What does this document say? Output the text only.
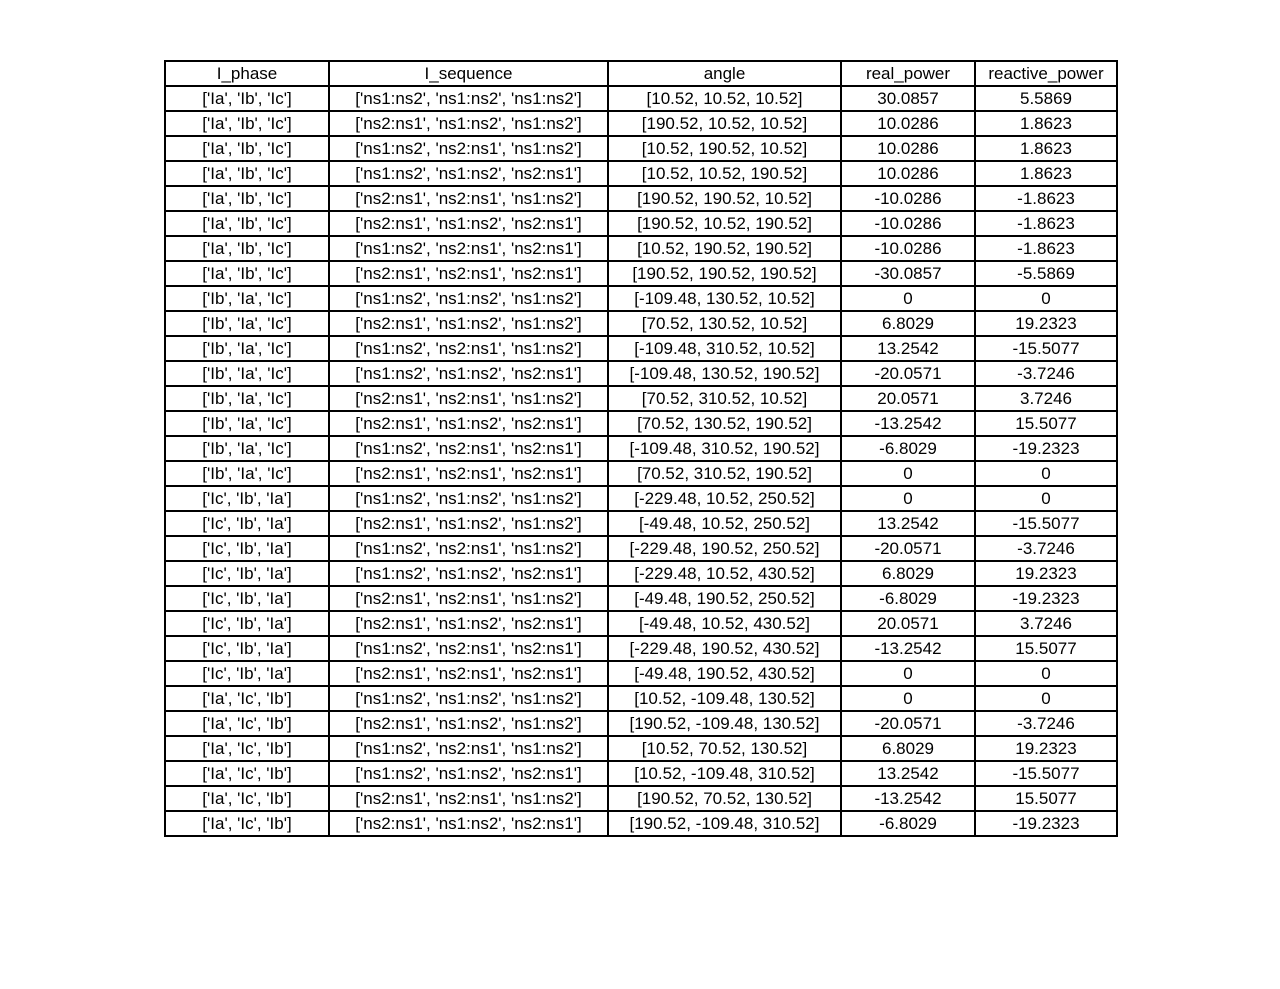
I_phase	I_sequence	angle	real_power	reactive_power
['Ia', 'Ib', 'Ic']	['ns1:ns2', 'ns1:ns2', 'ns1:ns2']	[10.52, 10.52, 10.52]	30.0857	5.5869
['Ia', 'Ib', 'Ic']	['ns2:ns1', 'ns1:ns2', 'ns1:ns2']	[190.52, 10.52, 10.52]	10.0286	1.8623
['Ia', 'Ib', 'Ic']	['ns1:ns2', 'ns2:ns1', 'ns1:ns2']	[10.52, 190.52, 10.52]	10.0286	1.8623
['Ia', 'Ib', 'Ic']	['ns1:ns2', 'ns1:ns2', 'ns2:ns1']	[10.52, 10.52, 190.52]	10.0286	1.8623
['Ia', 'Ib', 'Ic']	['ns2:ns1', 'ns2:ns1', 'ns1:ns2']	[190.52, 190.52, 10.52]	-10.0286	-1.8623
['Ia', 'Ib', 'Ic']	['ns2:ns1', 'ns1:ns2', 'ns2:ns1']	[190.52, 10.52, 190.52]	-10.0286	-1.8623
['Ia', 'Ib', 'Ic']	['ns1:ns2', 'ns2:ns1', 'ns2:ns1']	[10.52, 190.52, 190.52]	-10.0286	-1.8623
['Ia', 'Ib', 'Ic']	['ns2:ns1', 'ns2:ns1', 'ns2:ns1']	[190.52, 190.52, 190.52]	-30.0857	-5.5869
['Ib', 'Ia', 'Ic']	['ns1:ns2', 'ns1:ns2', 'ns1:ns2']	[-109.48, 130.52, 10.52]	0	0
['Ib', 'Ia', 'Ic']	['ns2:ns1', 'ns1:ns2', 'ns1:ns2']	[70.52, 130.52, 10.52]	6.8029	19.2323
['Ib', 'Ia', 'Ic']	['ns1:ns2', 'ns2:ns1', 'ns1:ns2']	[-109.48, 310.52, 10.52]	13.2542	-15.5077
['Ib', 'Ia', 'Ic']	['ns1:ns2', 'ns1:ns2', 'ns2:ns1']	[-109.48, 130.52, 190.52]	-20.0571	-3.7246
['Ib', 'Ia', 'Ic']	['ns2:ns1', 'ns2:ns1', 'ns1:ns2']	[70.52, 310.52, 10.52]	20.0571	3.7246
['Ib', 'Ia', 'Ic']	['ns2:ns1', 'ns1:ns2', 'ns2:ns1']	[70.52, 130.52, 190.52]	-13.2542	15.5077
['Ib', 'Ia', 'Ic']	['ns1:ns2', 'ns2:ns1', 'ns2:ns1']	[-109.48, 310.52, 190.52]	-6.8029	-19.2323
['Ib', 'Ia', 'Ic']	['ns2:ns1', 'ns2:ns1', 'ns2:ns1']	[70.52, 310.52, 190.52]	0	0
['Ic', 'Ib', 'Ia']	['ns1:ns2', 'ns1:ns2', 'ns1:ns2']	[-229.48, 10.52, 250.52]	0	0
['Ic', 'Ib', 'Ia']	['ns2:ns1', 'ns1:ns2', 'ns1:ns2']	[-49.48, 10.52, 250.52]	13.2542	-15.5077
['Ic', 'Ib', 'Ia']	['ns1:ns2', 'ns2:ns1', 'ns1:ns2']	[-229.48, 190.52, 250.52]	-20.0571	-3.7246
['Ic', 'Ib', 'Ia']	['ns1:ns2', 'ns1:ns2', 'ns2:ns1']	[-229.48, 10.52, 430.52]	6.8029	19.2323
['Ic', 'Ib', 'Ia']	['ns2:ns1', 'ns2:ns1', 'ns1:ns2']	[-49.48, 190.52, 250.52]	-6.8029	-19.2323
['Ic', 'Ib', 'Ia']	['ns2:ns1', 'ns1:ns2', 'ns2:ns1']	[-49.48, 10.52, 430.52]	20.0571	3.7246
['Ic', 'Ib', 'Ia']	['ns1:ns2', 'ns2:ns1', 'ns2:ns1']	[-229.48, 190.52, 430.52]	-13.2542	15.5077
['Ic', 'Ib', 'Ia']	['ns2:ns1', 'ns2:ns1', 'ns2:ns1']	[-49.48, 190.52, 430.52]	0	0
['Ia', 'Ic', 'Ib']	['ns1:ns2', 'ns1:ns2', 'ns1:ns2']	[10.52, -109.48, 130.52]	0	0
['Ia', 'Ic', 'Ib']	['ns2:ns1', 'ns1:ns2', 'ns1:ns2']	[190.52, -109.48, 130.52]	-20.0571	-3.7246
['Ia', 'Ic', 'Ib']	['ns1:ns2', 'ns2:ns1', 'ns1:ns2']	[10.52, 70.52, 130.52]	6.8029	19.2323
['Ia', 'Ic', 'Ib']	['ns1:ns2', 'ns1:ns2', 'ns2:ns1']	[10.52, -109.48, 310.52]	13.2542	-15.5077
['Ia', 'Ic', 'Ib']	['ns2:ns1', 'ns2:ns1', 'ns1:ns2']	[190.52, 70.52, 130.52]	-13.2542	15.5077
['Ia', 'Ic', 'Ib']	['ns2:ns1', 'ns1:ns2', 'ns2:ns1']	[190.52, -109.48, 310.52]	-6.8029	-19.2323
